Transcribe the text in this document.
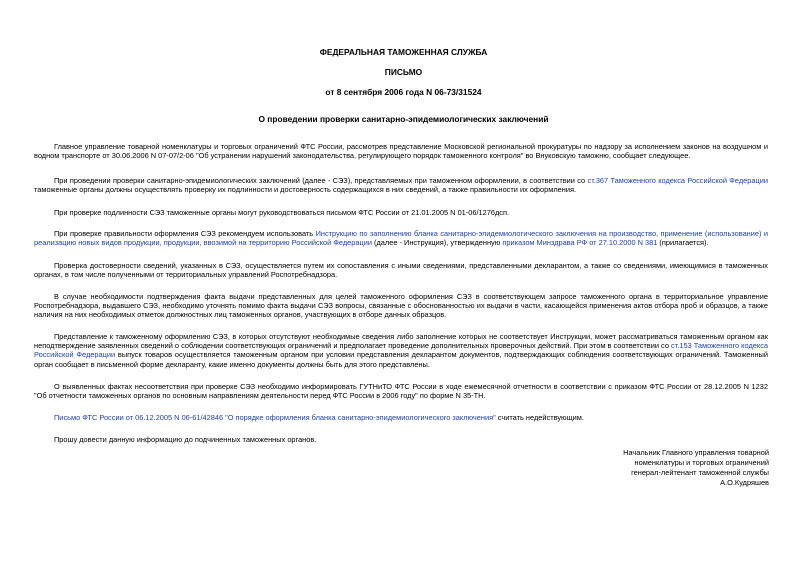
ФЕДЕРАЛЬНАЯ ТАМОЖЕННАЯ СЛУЖБА
ПИСЬМО
от 8 сентября 2006 года N 06-73/31524
О проведении проверки санитарно-эпидемиологических заключений

Главное управление товарной номенклатуры и торговых ограничений ФТС России, рассмотрев представление Московской региональной прокуратуры по надзору за исполнением законов на воздушном и водном транспорте от 30.06.2006 N 07-07/2-06 "Об устранении нарушений законодательства, регулирующего порядок таможенного контроля" во Внуковскую таможню, сообщает следующее.

При проведении проверки санитарно-эпидемиологических заключений (далее - СЭЗ), представляемых при таможенном оформлении, в соответствии со ст.367 Таможенного кодекса Российской Федерации таможенные органы должны осуществлять проверку их подлинности и достоверность содержащихся в них сведений, а также правильности их оформления.

При проверке подлинности СЭЗ таможенные органы могут руководствоваться письмом ФТС России от 21.01.2005 N 01-06/1276дсп.

При проверке правильности оформления СЭЗ рекомендуем использовать Инструкцию по заполнению бланка санитарно-эпидемиологического заключения на производство, применение (использование) и реализацию новых видов продукции, продукции, ввозимой на территорию Российской Федерации (далее - Инструкция), утвержденную приказом Минздрава РФ от 27.10.2000 N 381 (прилагается).

Проверка достоверности сведений, указанных в СЭЗ, осуществляется путем их сопоставления с иными сведениями, представленными декларантом, а также со сведениями, имеющимися в таможенных органах, в том числе полученными от территориальных управлений Роспотребнадзора.

В случае необходимости подтверждения факта выдачи представленных для целей таможенного оформления СЭЗ в соответствующем запросе таможенного органа в территориальное управление Роспотребнадзора, выдавшего СЭЗ, необходимо уточнять помимо факта выдачи СЭЗ вопросы, связанные с обоснованностью их выдачи в части, касающейся применения актов отбора проб и образцов, а также наличия на них необходимых отметок должностных лиц таможенных органов, участвующих в отборе данных образцов.

Представление к таможенному оформлению СЭЗ, в которых отсутствуют необходимые сведения либо заполнение которых не соответствует Инструкции, может рассматриваться таможенным органом как неподтверждение заявленных сведений о соблюдении соответствующих ограничений и предполагает проведение дополнительных проверочных действий. При этом в соответствии со ст.153 Таможенного кодекса Российской Федерации выпуск товаров осуществляется таможенным органом при условии представления декларантом документов, подтверждающих соблюдения соответствующих ограничений. Таможенный орган сообщает в письменной форме декларанту, какие именно документы должны быть для этого представлены.

О выявленных фактах несоответствия при проверке СЭЗ необходимо информировать ГУТНиТО ФТС России в ходе ежемесячной отчетности в соответствии с приказом ФТС России от 28.12.2005 N 1232 "Об отчетности таможенных органов по основным направлениям деятельности перед ФТС России в 2006 году" по форме N 35-ТН.

Письмо ФТС России от 06.12.2005 N 06-61/42846 "О порядке оформления бланка санитарно-эпидемиологического заключения" считать недействующим.

Прошу довести данную информацию до подчиненных таможенных органов.

Начальник Главного управления товарной
номенклатуры и торговых ограничений
генерал-лейтенант таможенной службы
А.О.Кудряшев
